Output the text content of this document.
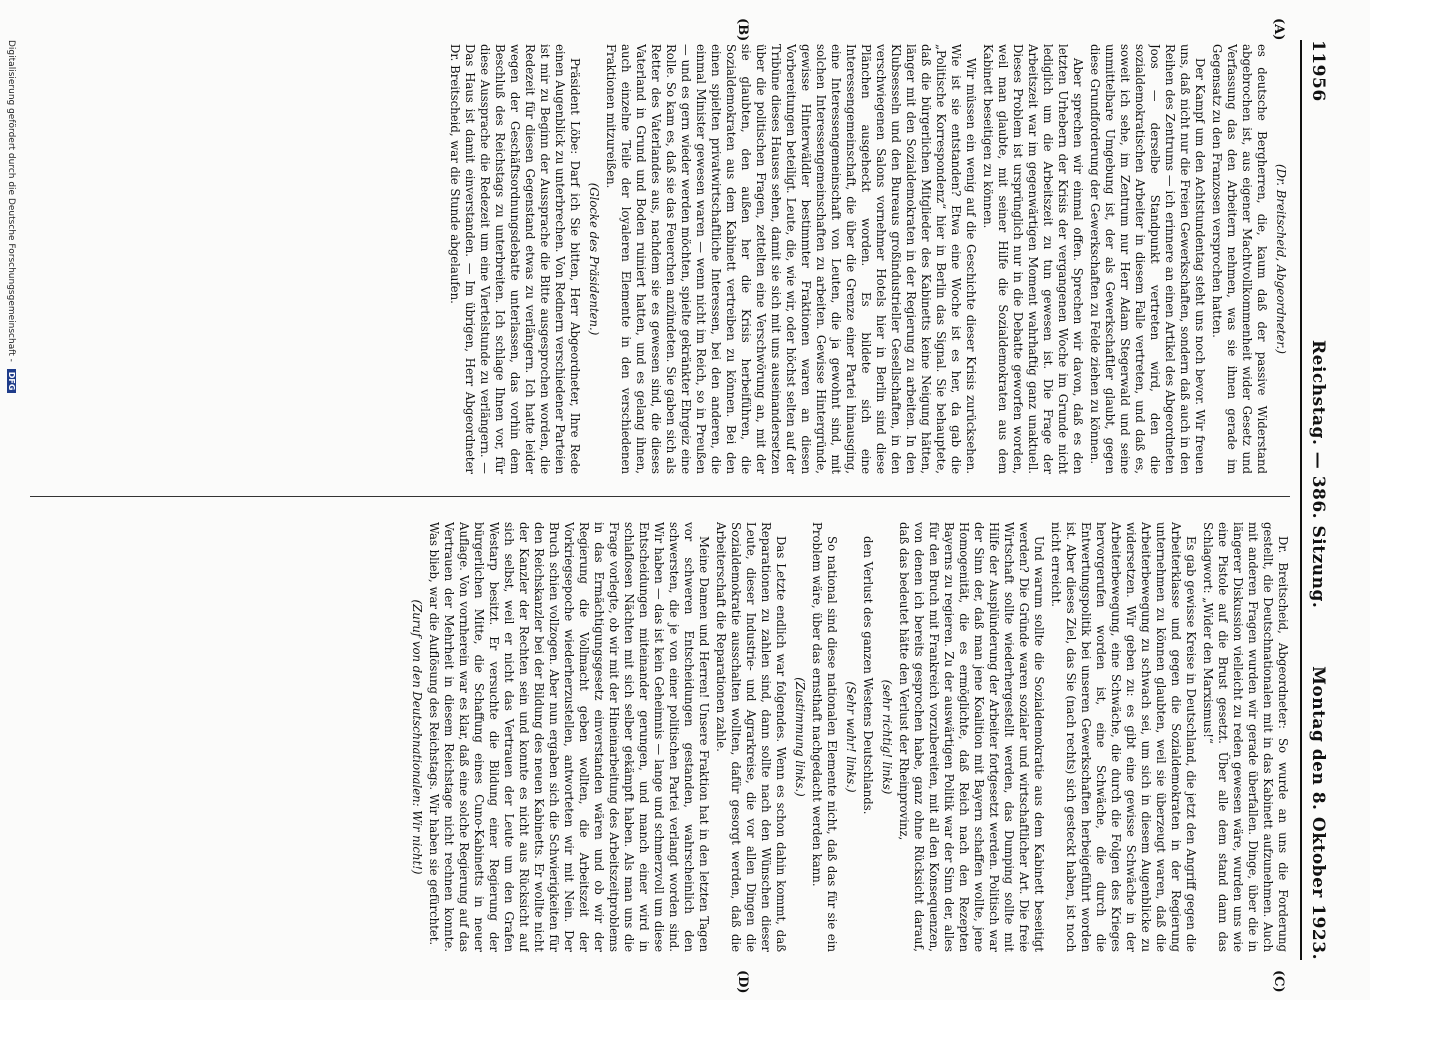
11956
Reichstag. — 386. Sitzung.
Montag den 8. Oktober 1923.
(A)
(B)
(C)
(D)

(Dr. Breitscheid, Abgeordneter.)

es deutsche Bergherren, die, kaum daß der passive Widerstand abgebrochen ist, aus eigener Machtvollkommenheit wider Gesetz und Verfassung das den Arbeitern nehmen, was sie ihnen gerade im Gegensatz zu den Franzosen versprochen hatten.

Der Kampf um den Achtstundentag steht uns noch bevor. Wir freuen uns, daß nicht nur die Freien Gewerkschaften, sondern daß auch in den Reihen des Zentrums — ich erinnere an einen Artikel des Abgeordneten Joos — derselbe Standpunkt vertreten wird, den die sozialdemokratischen Arbeiter in diesem Falle vertreten, und daß es, soweit ich sehe, im Zentrum nur Herr Adam Stegerwald und seine unmittelbare Umgebung ist, der als Gewerkschaftler glaubt, gegen diese Grundforderung der Gewerkschaften zu Felde ziehen zu können.

Aber sprechen wir einmal offen. Sprechen wir davon, daß es den letzten Urhebern der Krisis der vergangenen Woche im Grunde nicht lediglich um die Arbeitszeit zu tun gewesen ist. Die Frage der Arbeitszeit war im gegenwärtigen Moment wahrhaftig ganz unaktuell. Dieses Problem ist ursprünglich nur in die Debatte geworfen worden, weil man glaubte, mit seiner Hilfe die Sozialdemokraten aus dem Kabinett beseitigen zu können.

Wir müssen ein wenig auf die Geschichte dieser Krisis zurücksehen. Wie ist sie entstanden? Etwa eine Woche ist es her, da gab die „Politische Korrespondenz“ hier in Berlin das Signal. Sie behauptete, daß die bürgerlichen Mitglieder des Kabinetts keine Neigung hätten, länger mit den Sozialdemokraten in der Regierung zu arbeiten. In den Klubsesseln und den Bureaus großindustrieller Gesellschaften, in den verschwiegenen Salons vornehmer Hotels hier in Berlin sind diese Plänchen ausgeheckt worden. Es bildete sich eine Interessengemeinschaft, die über die Grenze einer Partei hinausging, eine Interessengemeinschaft von Leuten, die ja gewohnt sind, mit solchen Interessengemeinschaften zu arbeiten. Gewisse Hintergründe, gewisse Hinterwäldler bestimmter Fraktionen waren an diesen Vorbereitungen beteiligt. Leute, die, wie wir, oder höchst selten auf der Tribüne dieses Hauses sehen, damit sie sich mit uns auseinandersetzen über die politischen Fragen, zettelten eine Verschwörung an, mit der sie glaubten, den außen her die Krisis herbeiführen, die Sozialdemokraten aus dem Kabinett vertreiben zu können. Bei den einen spielten privatwirtschaftliche Interessen, bei den anderen, die einmal Minister gewesen waren — wenn nicht im Reich, so in Preußen — und es gern wieder werden möchten, spielte gekränkter Ehrgeiz eine Rolle. So kam es, daß sie das Feuerchen anzündeten. Sie gaben sich als Retter des Vaterlandes aus, nachdem sie es gewesen sind, die dieses Vaterland in Grund und Boden ruiniert hatten, und es gelang ihnen, auch einzelne Teile der loyaleren Elemente in den verschiedenen Fraktionen mitzureißen.

(Glocke des Präsidenten.)

Präsident Löbe: Darf ich Sie bitten, Herr Abgeordneter, Ihre Rede einen Augenblick zu unterbrechen. Von Rednern verschiedener Parteien ist mir zu Beginn der Aussprache die Bitte ausgesprochen worden, die Redezeit für diesen Gegenstand etwas zu verlängern. Ich hatte leider wegen der Geschäftsordnungsdebatte unterlassen, das vorhin dem Beschluß des Reichstags zu unterbreiten. Ich schlage Ihnen vor, für diese Aussprache die Redezeit um eine Viertelstunde zu verlängern. — Das Haus ist damit einverstanden. — Im übrigen, Herr Abgeordneter Dr. Breitscheid, war die Stunde abgelaufen.

Dr. Breitscheid, Abgeordneter: So wurde an uns die Forderung gestellt, die Deutschnationalen mit in das Kabinett aufzunehmen. Auch mit anderen Fragen wurden wir gerade überfallen. Dinge, über die in längerer Diskussion vielleicht zu reden gewesen wäre, wurden uns wie eine Pistole auf die Brust gesetzt. Über alle dem stand dann das Schlagwort: „Wider den Marxismus!“

Es gab gewisse Kreise in Deutschland, die jetzt den Angriff gegen die Arbeiterklasse und gegen die Sozialdemokraten in der Regierung unternehmen zu können glaubten, weil sie überzeugt waren, daß die Arbeiterbewegung zu schwach sei, um sich in diesem Augenblicke zu widersetzen. Wir geben zu: es gibt eine gewisse Schwäche in der Arbeiterbewegung, eine Schwäche, die durch die Folgen des Krieges hervorgerufen worden ist, eine Schwäche, die durch die Entwertungspolitik bei unseren Gewerkschaften herbeigeführt worden ist. Aber dieses Ziel, das Sie (nach rechts) sich gesteckt haben, ist noch nicht erreicht.

Und warum sollte die Sozialdemokratie aus dem Kabinett beseitigt werden? Die Gründe waren sozialer und wirtschaftlicher Art. Die freie Wirtschaft sollte wiederhergestellt werden, das Dumping sollte mit Hilfe der Ausplünderung der Arbeiter fortgesetzt werden. Politisch war der Sinn der, daß man jene Koalition mit Bayern schaffen wollte, jene Homogenität, die es ermöglichte, daß Reich nach den Rezepten Bayerns zu regieren. Zu der auswärtigen Politik war der Sinn der, alles für den Bruch mit Frankreich vorzubereiten, mit all den Konsequenzen, von denen ich bereits gesprochen habe, ganz ohne Rücksicht darauf, daß das bedeutet hätte den Verlust der Rheinprovinz,

(sehr richtig! links)

den Verlust des ganzen Westens Deutschlands.

(Sehr wahr! links.)

So national sind diese nationalen Elemente nicht, daß das für sie ein Problem wäre, über das ernsthaft nachgedacht werden kann.

(Zustimmung links.)

Das Letzte endlich war folgendes. Wenn es schon dahin kommt, daß Reparationen zu zahlen sind, dann sollte nach den Wünschen dieser Leute, dieser Industrie- und Agrarkreise, die vor allen Dingen die Sozialdemokratie ausschalten wollten, dafür gesorgt werden, daß die Arbeiterschaft die Reparationen zahle.

Meine Damen und Herren! Unsere Fraktion hat in den letzten Tagen vor schweren Entscheidungen gestanden, wahrscheinlich den schwersten, die je von einer politischen Partei verlangt worden sind. Wir haben — das ist kein Geheimnis — lange und schmerzvoll um diese Entscheidungen miteinander gerungen, und manch einer wird in schlaflosen Nächten mit sich selber gekämpft haben. Als man uns die Frage vorlegte, ob wir mit der Hineinarbeitung des Arbeitszeitproblems in das Ermächtigungsgesetz einverstanden wären und ob wir der Regierung die Vollmacht geben wollten, die Arbeitszeit der Vorkriegsepoche wiederherzustellen, antworteten wir mit Nein. Der Bruch schien vollzogen. Aber nun ergaben sich die Schwierigkeiten für den Reichskanzler bei der Bildung des neuen Kabinetts. Er wollte nicht der Kanzler der Rechten sein und konnte es nicht aus Rücksicht auf sich selbst, weil er nicht das Vertrauen der Leute um den Grafen Westarp besitzt. Er versuchte die Bildung einer Regierung der bürgerlichen Mitte, die Schaffung eines Cuno-Kabinetts in neuer Auflage. Von vornherein war es klar, daß eine solche Regierung auf das Vertrauen der Mehrheit in diesem Reichstage nicht rechnen konnte. Was blieb, war die Auflösung des Reichstags. Wir haben sie gefürchtet.

(Zuruf von den Deutschnationalen: Wir nicht!)

Digitalisierung gefördert durch die Deutsche Forschungsgemeinschaft - DFG
